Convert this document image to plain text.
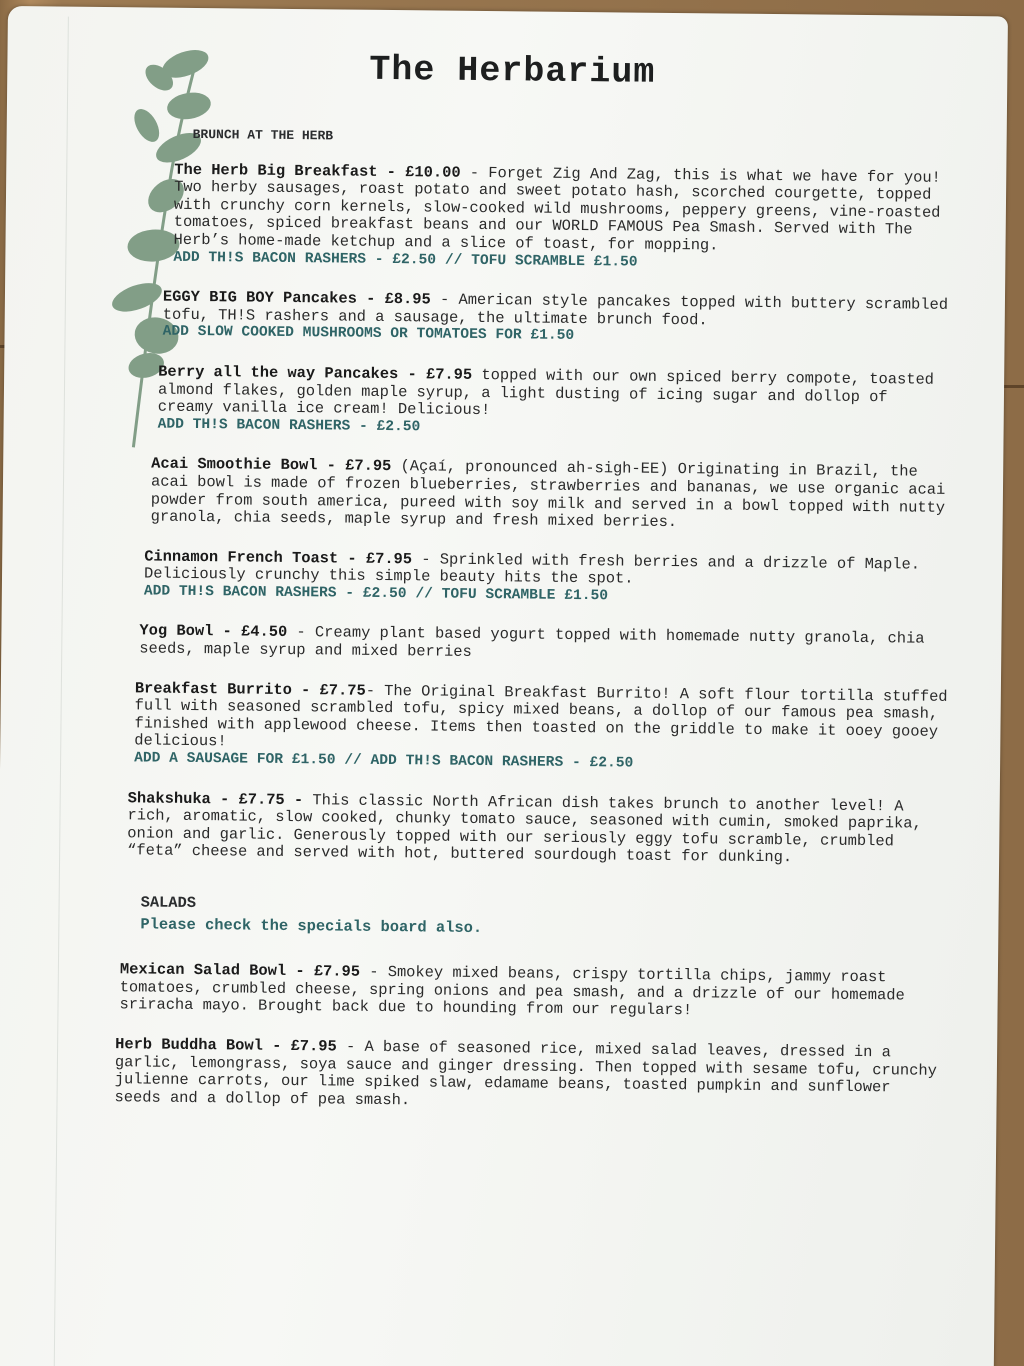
The Herbarium
BRUNCH AT THE HERB
The Herb Big Breakfast - £10.00 - Forget Zig And Zag, this is what we have for you! Two herby sausages, roast potato and sweet potato hash, scorched courgette, topped with crunchy corn kernels, slow-cooked wild mushrooms, peppery greens, vine-roasted tomatoes, spiced breakfast beans and our WORLD FAMOUS Pea Smash. Served with The Herb’s home-made ketchup and a slice of toast, for mopping.
ADD TH!S BACON RASHERS - £2.50 // TOFU SCRAMBLE £1.50
EGGY BIG BOY Pancakes - £8.95 - American style pancakes topped with buttery scrambled tofu, TH!S rashers and a sausage, the ultimate brunch food.
ADD SLOW COOKED MUSHROOMS OR TOMATOES FOR £1.50
Berry all the way Pancakes - £7.95 topped with our own spiced berry compote, toasted almond flakes, golden maple syrup, a light dusting of icing sugar and dollop of creamy vanilla ice cream! Delicious!
ADD TH!S BACON RASHERS - £2.50
Acai Smoothie Bowl - £7.95 (Açaí, pronounced ah-sigh-EE) Originating in Brazil, the acai bowl is made of frozen blueberries, strawberries and bananas, we use organic acai powder from south america, pureed with soy milk and served in a bowl topped with nutty granola, chia seeds, maple syrup and fresh mixed berries.
Cinnamon French Toast - £7.95 - Sprinkled with fresh berries and a drizzle of Maple. Deliciously crunchy this simple beauty hits the spot.
ADD TH!S BACON RASHERS - £2.50 // TOFU SCRAMBLE £1.50
Yog Bowl - £4.50 - Creamy plant based yogurt topped with homemade nutty granola, chia seeds, maple syrup and mixed berries
Breakfast Burrito - £7.75- The Original Breakfast Burrito! A soft flour tortilla stuffed full with seasoned scrambled tofu, spicy mixed beans, a dollop of our famous pea smash, finished with applewood cheese. Items then toasted on the griddle to make it ooey gooey delicious!
ADD A SAUSAGE FOR £1.50 // ADD TH!S BACON RASHERS - £2.50
Shakshuka - £7.75 - This classic North African dish takes brunch to another level! A rich, aromatic, slow cooked, chunky tomato sauce, seasoned with cumin, smoked paprika, onion and garlic. Generously topped with our seriously eggy tofu scramble, crumbled “feta” cheese and served with hot, buttered sourdough toast for dunking.
SALADS
Please check the specials board also.
Mexican Salad Bowl - £7.95 - Smokey mixed beans, crispy tortilla chips, jammy roast tomatoes, crumbled cheese, spring onions and pea smash, and a drizzle of our homemade sriracha mayo. Brought back due to hounding from our regulars!
Herb Buddha Bowl - £7.95 - A base of seasoned rice, mixed salad leaves, dressed in a garlic, lemongrass, soya sauce and ginger dressing. Then topped with sesame tofu, crunchy julienne carrots, our lime spiked slaw, edamame beans, toasted pumpkin and sunflower seeds and a dollop of pea smash.
